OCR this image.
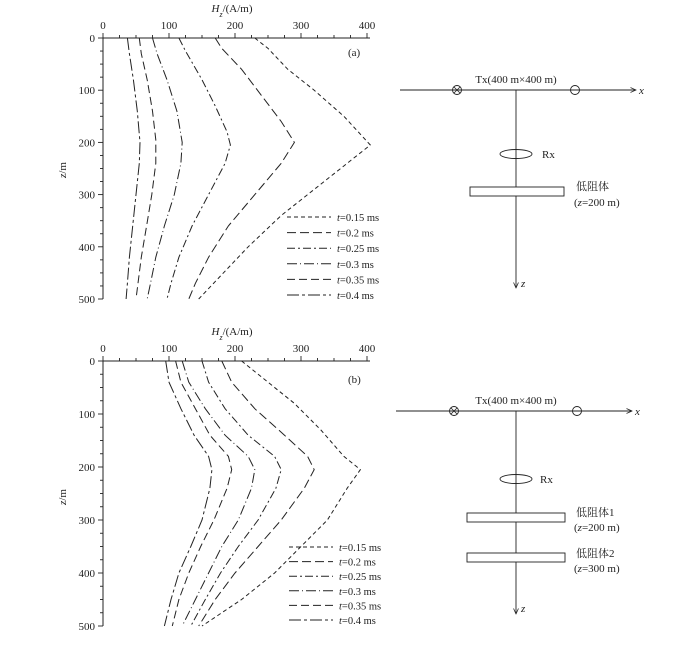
$H_z/(A/m)$
z/m
(a)
0	100	200	300	400
0
100
200
300
400
500
t=0.15 ms
t=0.2 ms
t=0.25 ms
t=0.3 ms
t=0.35 ms
t=0.4 ms
$H_z/(A/m)$
z/m
(b)
0	100	200	300	400
0
100
200
300
400
500
t=0.15 ms
t=0.2 ms
t=0.25 ms
t=0.3 ms
t=0.35 ms
t=0.4 ms
x
Tx(400 m×400 m)
z
Rx
低阻体
(z=200 m)
x
Tx(400 m×400 m)
z
Rx
低阻体1
(z=200 m)
低阻体2
(z=300 m)
